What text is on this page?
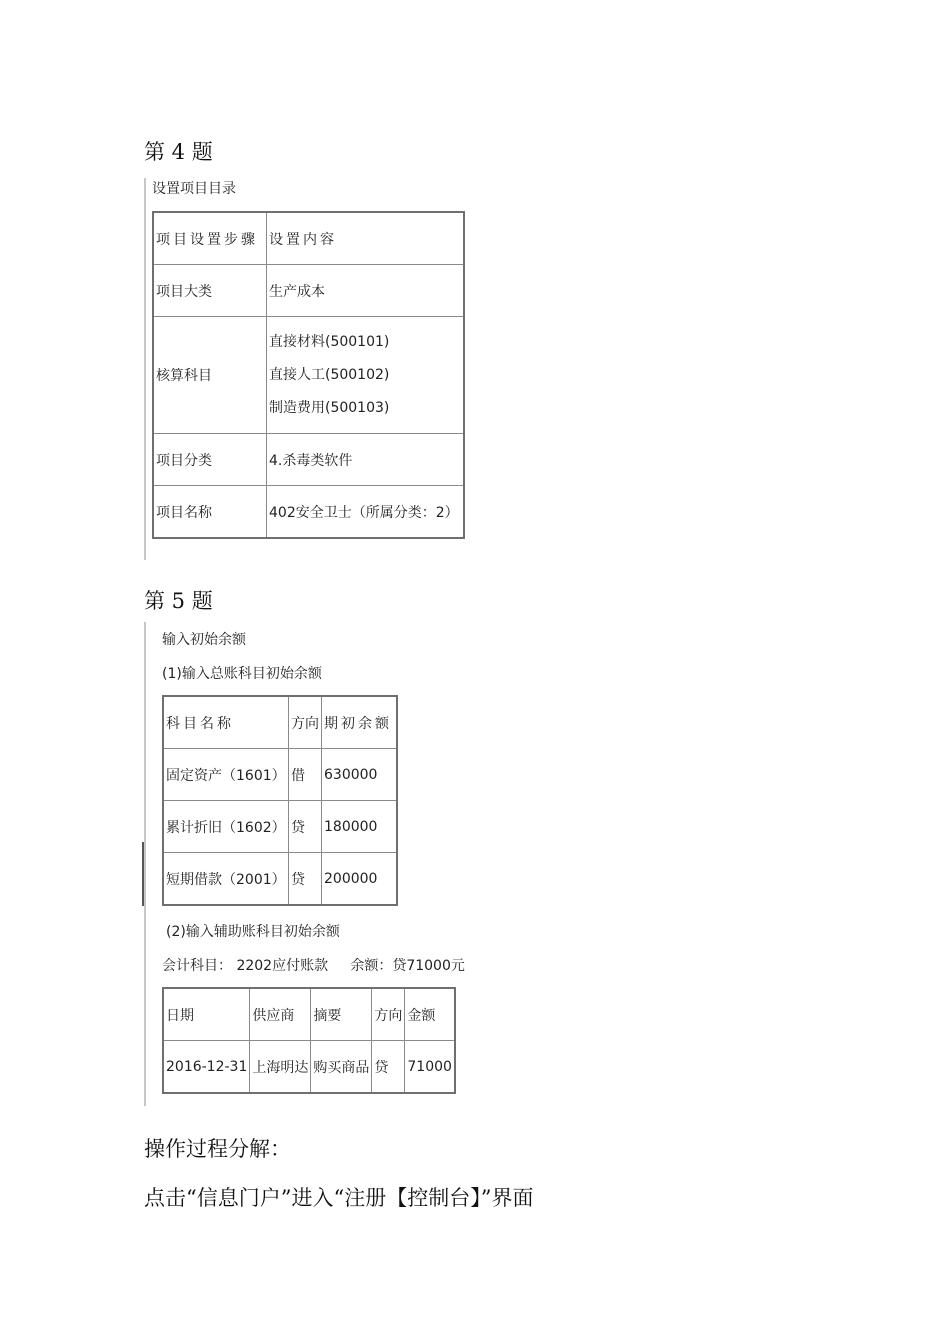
第 4 题
设置项目目录
项目设置步骤	设置内容
项目大类	生产成本
核算科目	直接材料(500101)
直接人工(500102)
制造费用(500103)

项目分类	4.杀毒类软件
项目名称	402安全卫士（所属分类：2）
第 5 题
输入初始余额
(1)输入总账科目初始余额
科目名称	方向	期初余额
固定资产（1601）	借	630000
累计折旧（1602）	贷	180000
短期借款（2001）	贷	200000
(2)输入辅助账科目初始余额
会计科目： 2202应付账款     余额：贷71000元
日期	供应商	摘要	方向	金额
2016-12-31	上海明达	购买商品	贷	71000
操作过程分解：
点击“信息门户”进入“注册【控制台】”界面
